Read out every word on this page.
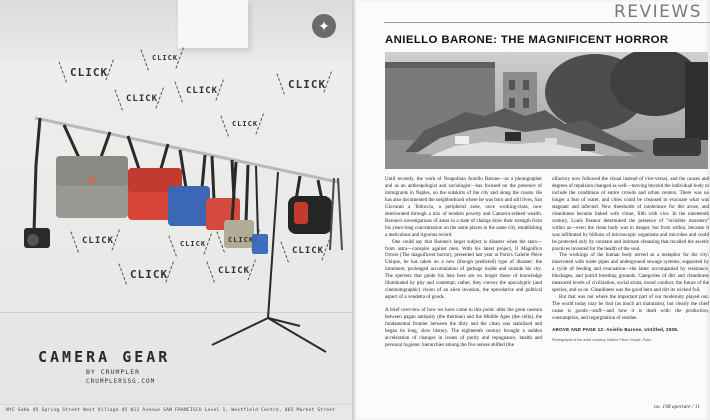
✦
CLICK
CLICK
CLICK
CLICK	CLICK
CLICK
CLICK	CLICK	CLICK
CLICK
CLICK	CLICK
CAMERA GEAR
BY CRUMPLER
CRUMPLERSSG.COM
NYC SoHo 45 Spring Street West Village 45 W12 Avenue SAN FRANCISCO Level 1, Westfield Centre, 865 Market Street
REVIEWS
ANIELLO BARONE: THE MAGNIFICENT HORROR

Until recently, the work of Neapolitan Aniello Barone—as a photographer and as an anthropologist and sociologist—has focused on the presence of immigrants in Naples, on the outskirts of the city and along the coasts. He has also documented the neighborhood where he was born and still lives, San Giovanni a Teduccio, a peripheral zone, once working-class, now deteriorated through a mix of modern poverty and Camorra-related wealth. Barone's investigations of areas in a state of change draw their strength from his years-long concentration on the same places in the same city, establishing a meticulous and rigorous record.

One could say that Barone's larger subject is disaster when the stars—from astra—conspire against men. With his latest project, Il Magnifico Orrore (The magnificent horror), presented last year at Paris's Galerie Pièce Unique, he has taken on a new (though predicted) type of disaster: the imminent, prolonged accumulation of garbage inside and outside his city. The specters that guide his lens here are no longer those of knowledge illuminated by pity and contempt; rather, they convey the apocalyptic (and cinematographic) vision of an alien invasion, the speculative and political aspect of a vendetta of goods.

A brief overview of how we have come to this point: after the great caesura between pagan antiquity (the thermae) and the Middle Ages (the cella), the fundamental frontier between the dirty and the clean was stabilized and began its long, slow history. The eighteenth century brought a sudden acceleration of changes in issues of purity and repugnance, health and personal hygiene; hierarchies among the five senses shifted (the

olfactory now followed the visual instead of vice-versa), and the causes and degrees of repulsion changed as well—moving beyond the individual body to include the conditions of entire crowds and urban centers. There was no longer a fear of water, and cities could be cleansed to evacuate what was stagnant and infected. New thresholds of intolerance for dirt arose, and cleanliness became linked with virtue, filth with vice. In the nineteenth century, Louis Pasteur determined the presence of "invisible monsters" within us—even the clean body was in danger, but from within, because it was infiltrated by billions of microscopic organisms and microbes and could be protected only by constant and intimate cleansing that recalled the ascetic practices invented for the health of the soul.

The workings of the human body served as a metaphor for the city: innervated with water pipes and underground sewage systems, supported by a cycle of feeding and evacuation—the latter accompanied by resistance, blockages, and putrid breeding grounds. Categories of dirt and cleanliness measured levels of civilization, social strata, moral conduct, the future of the species, and so on. Cleanliness was the good hero and dirt its wicked foil.

But that was not where the important part of our modernity played out. The world today may be foul (as much art maintains), but clearly the chief cause is goods—stuff—and how it is dealt with: the production, consumption, and regurgitation of residue.

ABOVE AND PAGE 12: Aniello Barone, Untitled, 2008.
Photographs of the artist courtesy Galerie Pièce Unique, Paris
no. 198 aperture / 11
